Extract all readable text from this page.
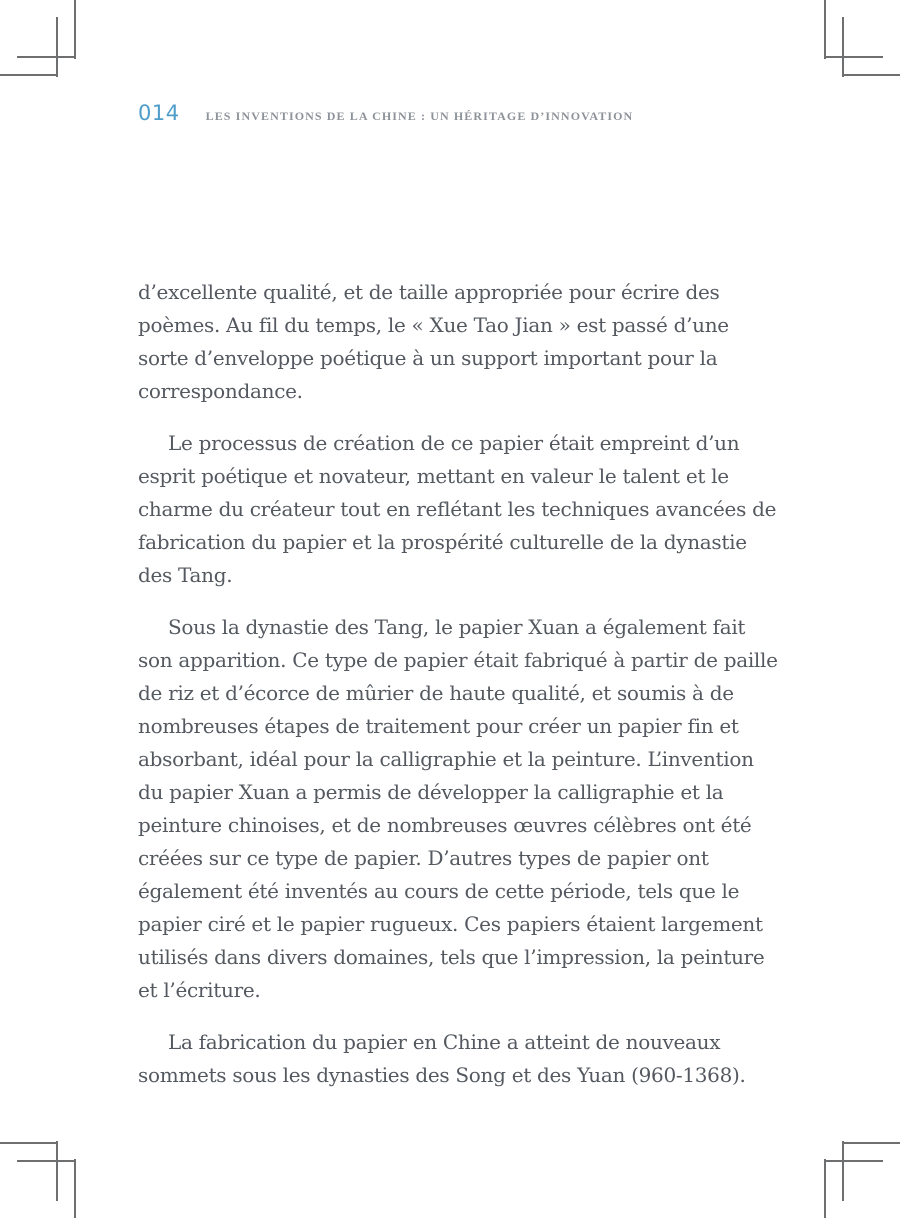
014 LES INVENTIONS DE LA CHINE : UN HÉRITAGE D’INNOVATION

d’excellente qualité, et de taille appropriée pour écrire des poèmes. Au fil du temps, le « Xue Tao Jian » est passé d’une sorte d’enveloppe poétique à un support important pour la correspondance.

Le processus de création de ce papier était empreint d’un esprit poétique et novateur, mettant en valeur le talent et le charme du créateur tout en reflétant les techniques avancées de fabrication du papier et la prospérité culturelle de la dynastie des Tang.

Sous la dynastie des Tang, le papier Xuan a également fait son apparition. Ce type de papier était fabriqué à partir de paille de riz et d’écorce de mûrier de haute qualité, et soumis à de nombreuses étapes de traitement pour créer un papier fin et absorbant, idéal pour la calligraphie et la peinture. L’invention du papier Xuan a permis de développer la calligraphie et la peinture chinoises, et de nombreuses œuvres célèbres ont été créées sur ce type de papier. D’autres types de papier ont également été inventés au cours de cette période, tels que le papier ciré et le papier rugueux. Ces papiers étaient largement utilisés dans divers domaines, tels que l’impression, la peinture et l’écriture.

La fabrication du papier en Chine a atteint de nouveaux sommets sous les dynasties des Song et des Yuan (960-1368).
